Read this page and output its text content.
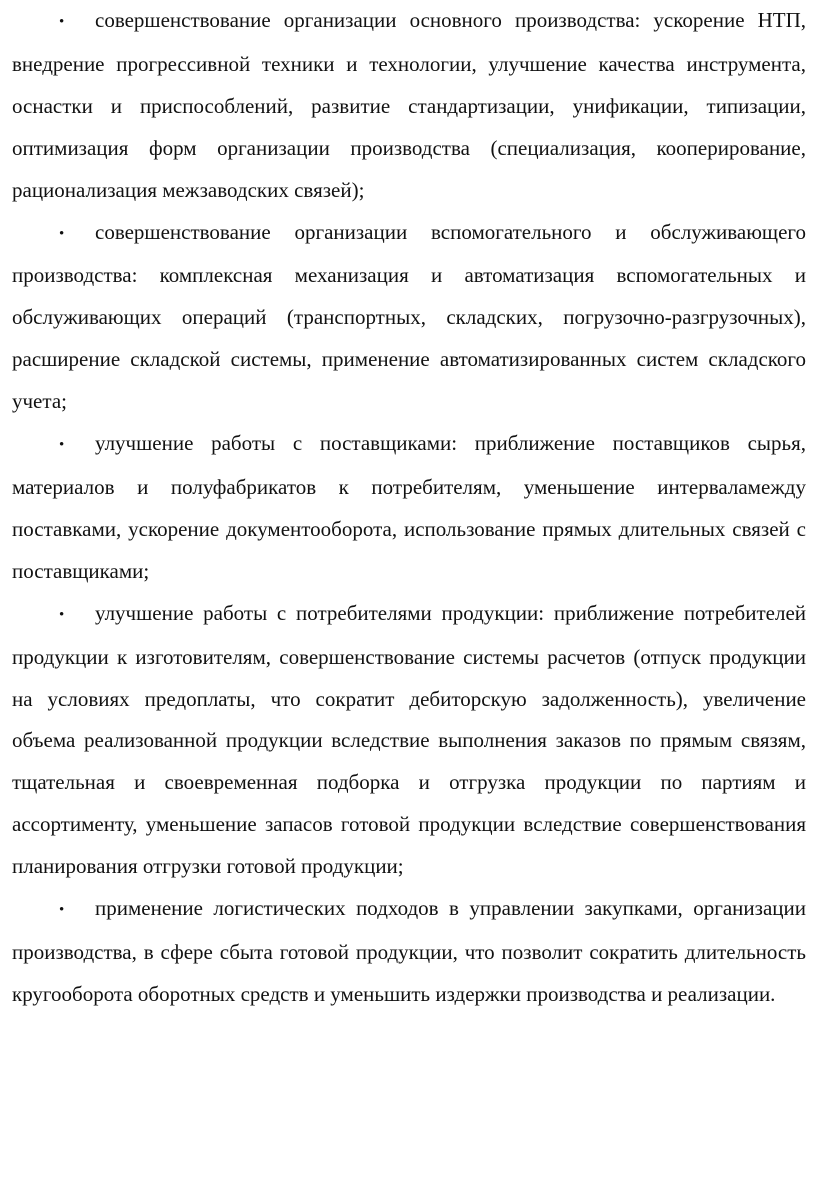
• совершенствование организации основного производства: ускорение НТП, внедрение прогрессивной техники и технологии, улучшение качества инструмента, оснастки и приспособлений, развитие стандартизации, унификации, типизации, оптимизация форм организации производства (специализация, кооперирование, рационализация межзаводских связей);

• совершенствование организации вспомогательного и обслуживающего производства: комплексная механизация и автоматизация вспомогательных и обслуживающих операций (транспортных, складских, погрузочно-разгрузочных), расширение складской системы, применение автоматизированных систем складского учета;

• улучшение работы с поставщиками: приближение поставщиков сырья, материалов и полуфабрикатов к потребителям, уменьшение интерваламежду поставками, ускорение документооборота, использование прямых длительных связей с поставщиками;

• улучшение работы с потребителями продукции: приближение потребителей продукции к изготовителям, совершенствование системы расчетов (отпуск продукции на условиях предоплаты, что сократит дебиторскую задолженность), увеличение объема реализованной продукции вследствие выполнения заказов по прямым связям, тщательная и своевременная подборка и отгрузка продукции по партиям и ассортименту, уменьшение запасов готовой продукции вследствие совершенствования планирования отгрузки готовой продукции;

• применение логистических подходов в управлении закупками, организации производства, в сфере сбыта готовой продукции, что позволит сократить длительность кругооборота оборотных средств и уменьшить издержки производства и реализации.
